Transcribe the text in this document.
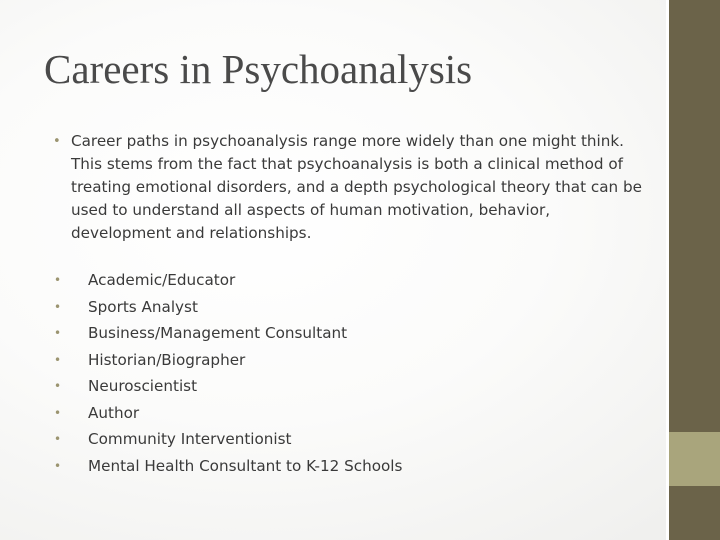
Careers in Psychoanalysis
• Career paths in psychoanalysis range more widely than one might think. This stems from the fact that psychoanalysis is both a clinical method of treating emotional disorders, and a depth psychological theory that can be used to understand all aspects of human motivation, behavior, development and relationships.
•	Academic/Educator
•	Sports Analyst
•	Business/Management Consultant
•	Historian/Biographer
•	Neuroscientist
•	Author
•	Community Interventionist
•	Mental Health Consultant to K-12 Schools
